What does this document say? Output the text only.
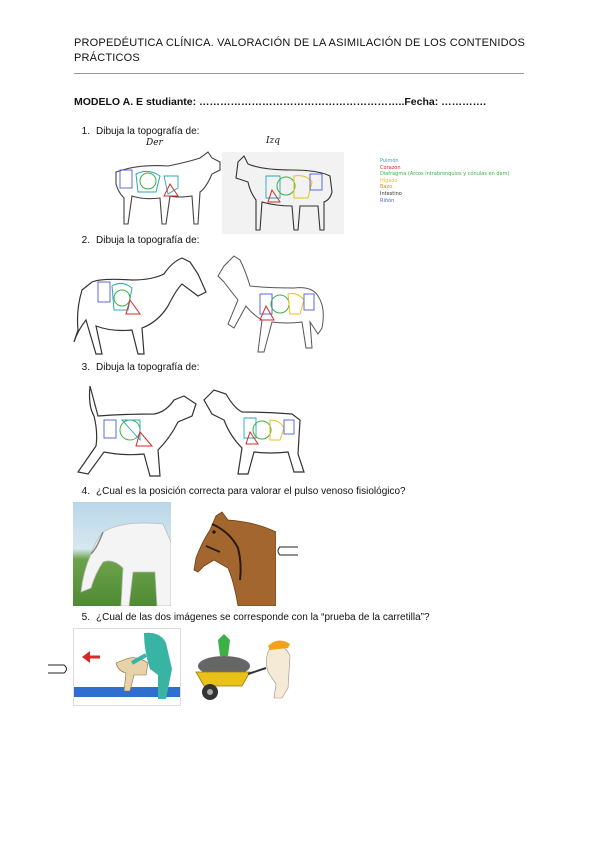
PROPEDÉUTICA CLÍNICA. VALORACIÓN DE LA ASIMILACIÓN DE LOS CONTENIDOS PRÁCTICOS
MODELO A. E studiante: …………………………………………………..Fecha: ………….
1. Dibuja la topografía de:
Der	Izq
Pulmón
Corazón
Diafragma (Arcos intrabronquios y cónulas en dem)
Hígado
Bazo
Intestino
Riñón
2. Dibuja la topografía de:
3. Dibuja la topografía de:
4. ¿Cual es la posición correcta para valorar el pulso venoso fisiológico?
5. ¿Cual de las dos imágenes se corresponde con la “prueba de la carretilla”?
